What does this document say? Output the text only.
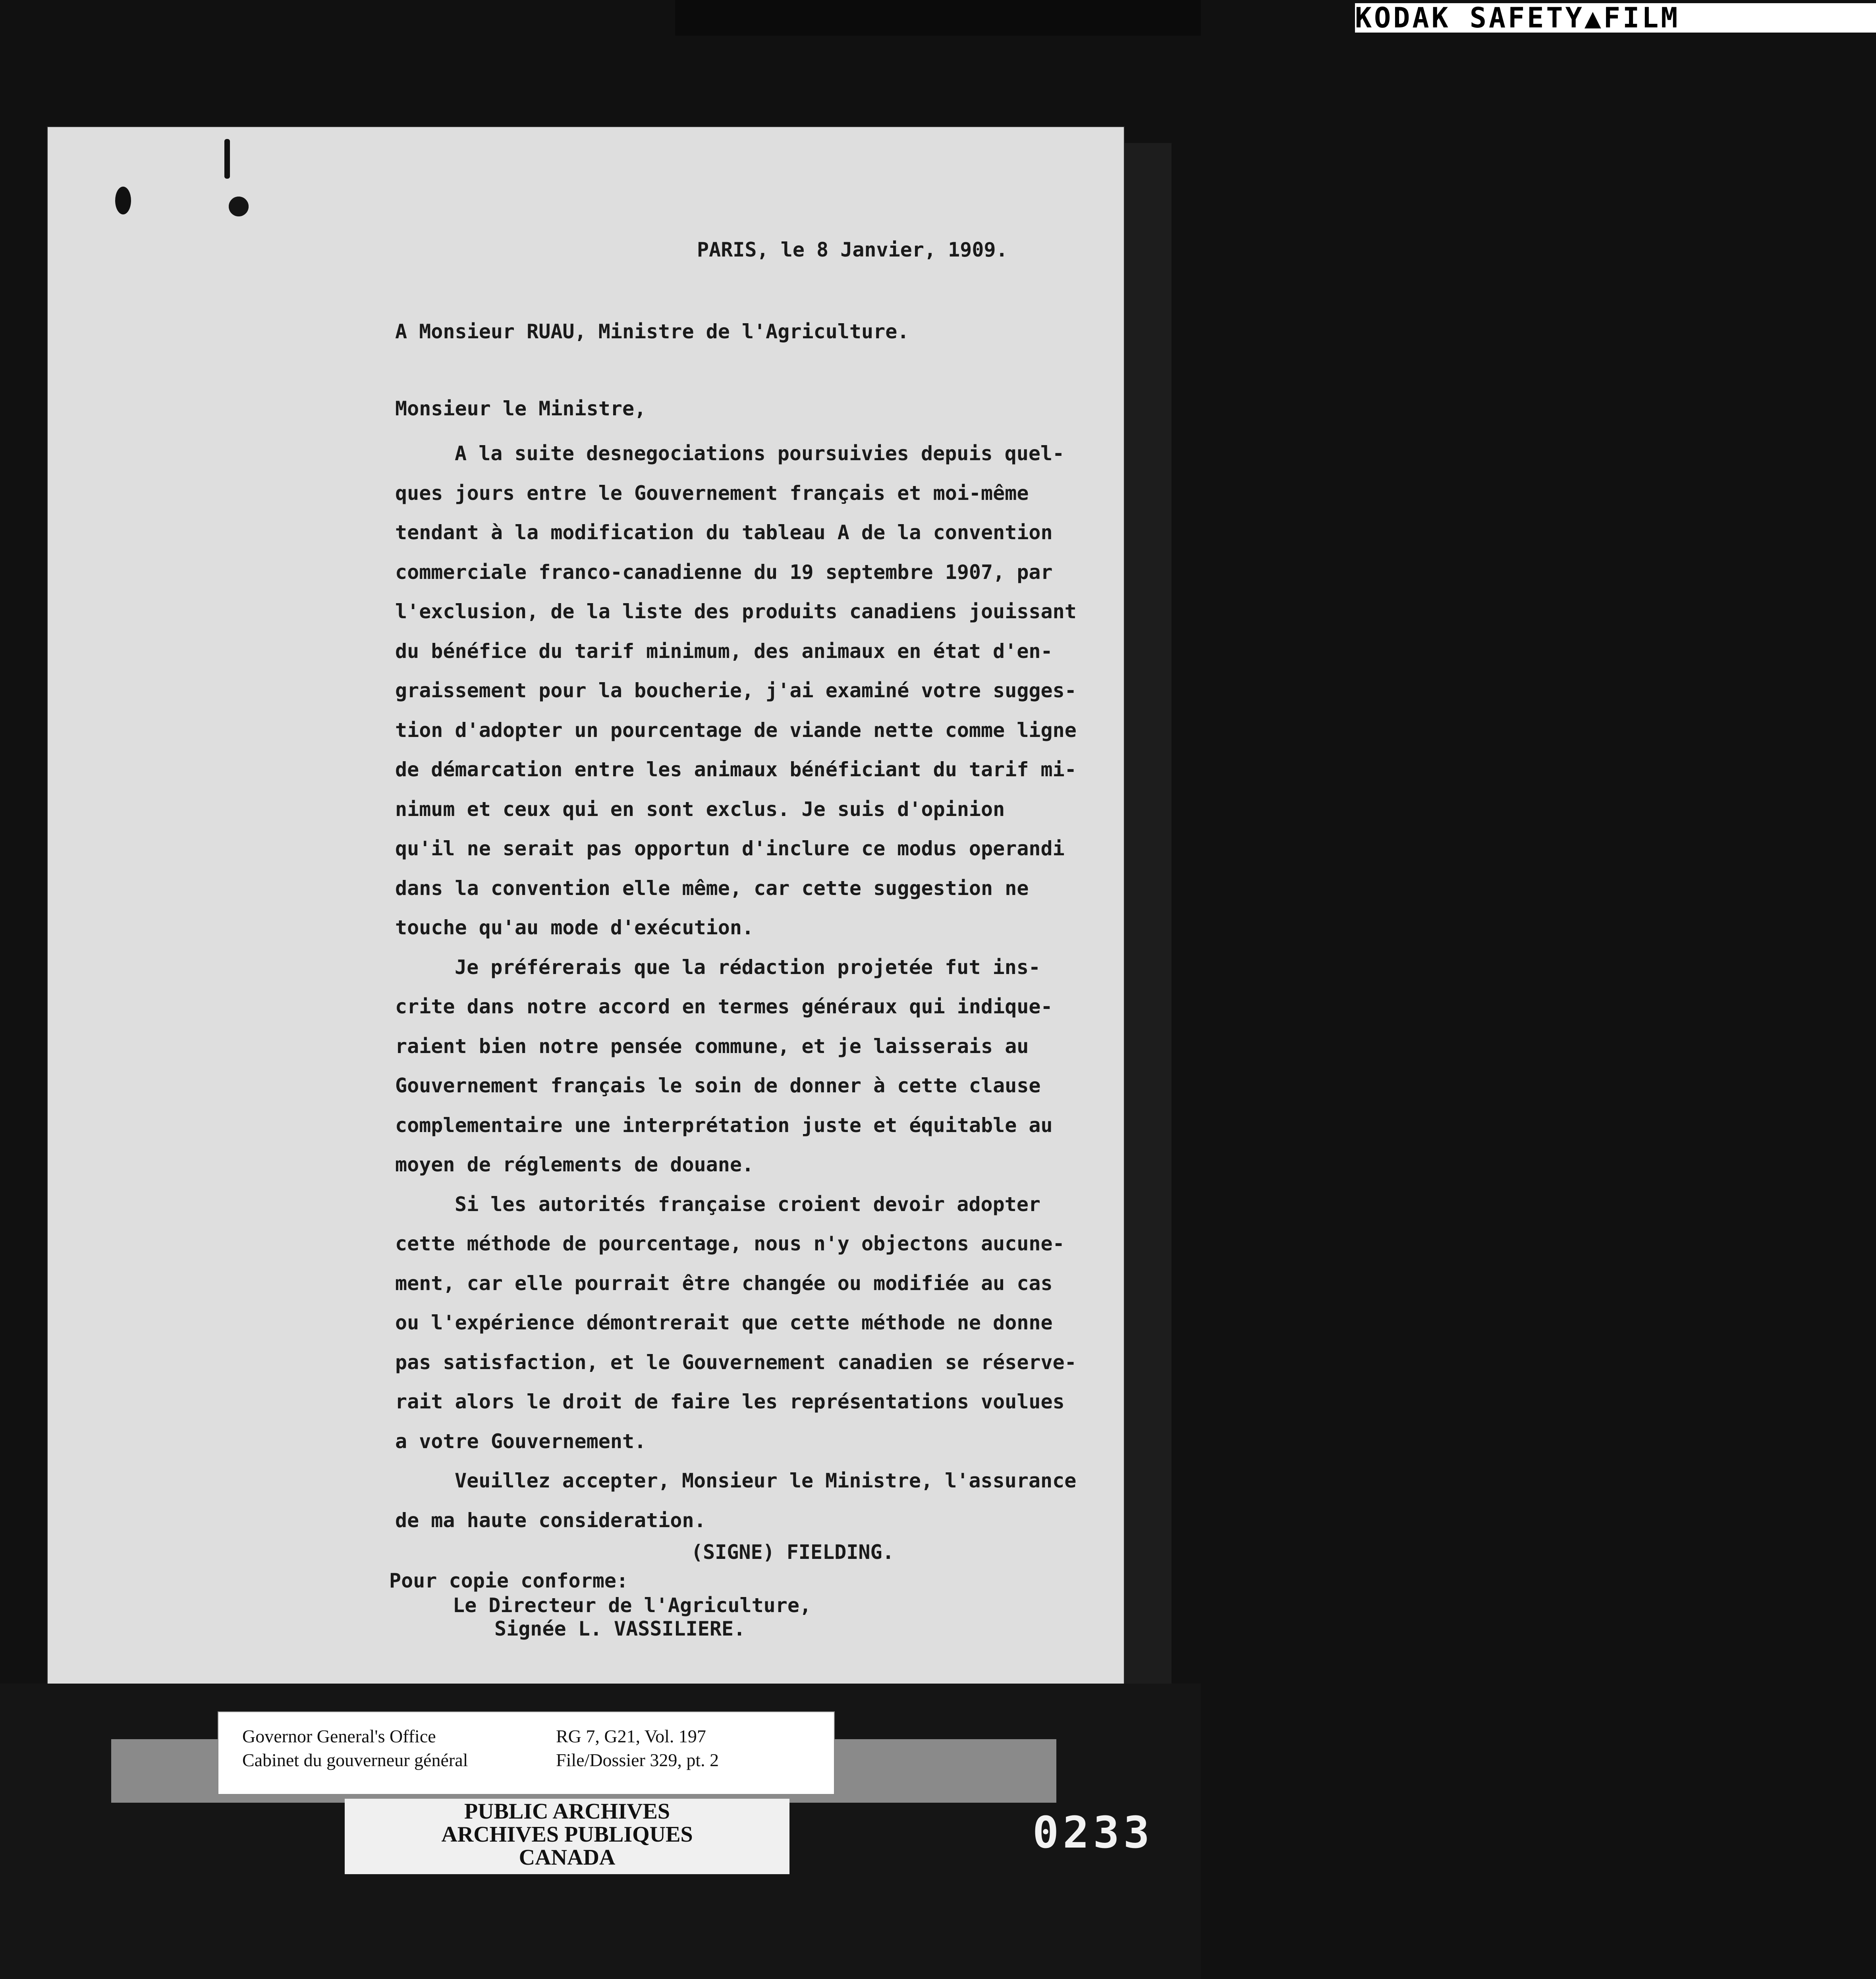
KODAK SAFETY▲FILM
PARIS, le 8 Janvier, 1909.
A Monsieur RUAU, Ministre de l'Agriculture.
Monsieur le Ministre,
A la suite desnegociations poursuivies depuis quel-
ques jours entre le Gouvernement français et moi-même
tendant à la modification du tableau A de la convention
commerciale franco-canadienne du 19 septembre 1907, par
l'exclusion, de la liste des produits canadiens jouissant
du bénéfice du tarif minimum, des animaux en état d'en-
graissement pour la boucherie, j'ai examiné votre sugges-
tion d'adopter un pourcentage de viande nette comme ligne
de démarcation entre les animaux bénéficiant du tarif mi-
nimum et ceux qui en sont exclus. Je suis d'opinion
qu'il ne serait pas opportun d'inclure ce modus operandi
dans la convention elle même, car cette suggestion ne
touche qu'au mode d'exécution.
Je préférerais que la rédaction projetée fut ins-
crite dans notre accord en termes généraux qui indique-
raient bien notre pensée commune, et je laisserais au
Gouvernement français le soin de donner à cette clause
complementaire une interprétation juste et équitable au
moyen de réglements de douane.
Si les autorités française croient devoir adopter
cette méthode de pourcentage, nous n'y objectons aucune-
ment, car elle pourrait être changée ou modifiée au cas
ou l'expérience démontrerait que cette méthode ne donne
pas satisfaction, et le Gouvernement canadien se réserve-
rait alors le droit de faire les représentations voulues
a votre Gouvernement.
Veuillez accepter, Monsieur le Ministre, l'assurance
de ma haute consideration.
(SIGNE) FIELDING.
Pour copie conforme:
Le Directeur de l'Agriculture,
Signée L. VASSILIERE.
Governor General's Office
Cabinet du gouverneur général
RG 7, G21, Vol. 197
File/Dossier 329, pt. 2
PUBLIC ARCHIVES
ARCHIVES PUBLIQUES
CANADA	0233
